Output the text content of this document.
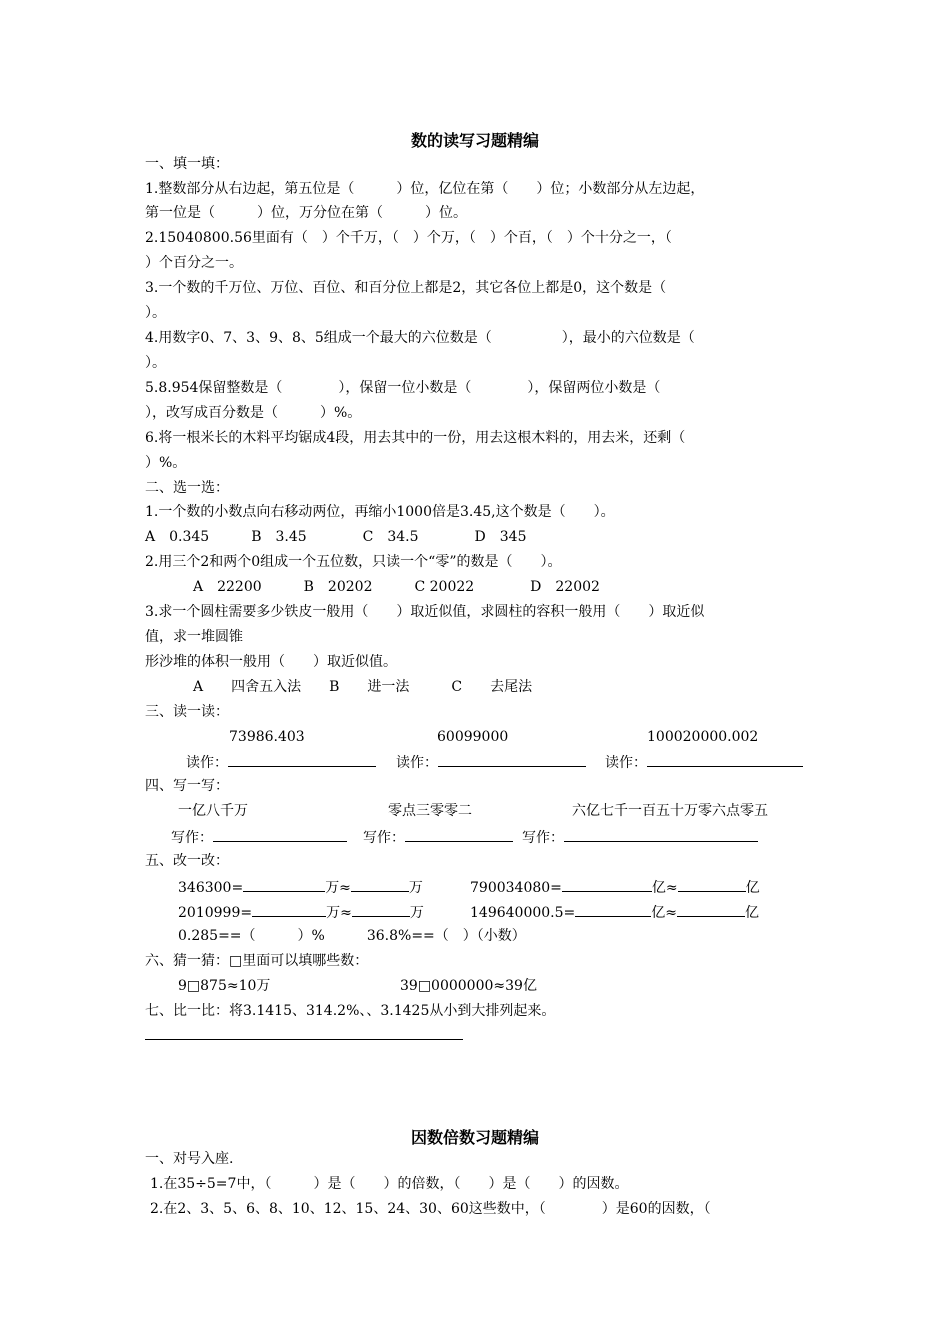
数的读写习题精编
一、填一填：
1.整数部分从右边起，第五位是（　　　）位，亿位在第（　　）位；小数部分从左边起，
第一位是（　　　）位，万分位在第（　　　）位。
2.15040800.56里面有（　）个千万，（　）个万，（　）个百，（　）个十分之一，（
）个百分之一。
3.一个数的千万位、万位、百位、和百分位上都是2，其它各位上都是0，这个数是（
）。
4.用数字0、7、3、9、8、5组成一个最大的六位数是（　　　　　），最小的六位数是（
）。
5.8.954保留整数是（　　　　），保留一位小数是（　　　　），保留两位小数是（
），改写成百分数是（　　　）%。
6.将一根米长的木料平均锯成4段，用去其中的一份，用去这根木料的，用去米，还剩（
）%。
二、选一选：
1.一个数的小数点向右移动两位，再缩小1000倍是3.45,这个数是（　　）。
A　0.345　　　B　3.45　　　　C　34.5　　　　D　345
2.用三个2和两个0组成一个五位数，只读一个“零”的数是（　　）。
A　22200　　　B　20202　　　C 20022　　　　D　22002
3.求一个圆柱需要多少铁皮一般用（　　）取近似值，求圆柱的容积一般用（　　）取近似
值，求一堆圆锥
形沙堆的体积一般用（　　）取近似值。
A　　四舍五入法　　B　　进一法　　　C　　去尾法
三、读一读：
73986.403	60099000	100020000.002
读作：	读作：	读作：
四、写一写：
一亿八千万	零点三零零二	六亿七千一百五十万零六点零五
写作：	写作：	写作：
五、改一改：
346300=	万≈	万	790034080=	亿≈	亿
2010999=	万≈	万	149640000.5=	亿≈	亿
0.285==（　　　）%　　　36.8%==（　）（小数）
六、猜一猜：□里面可以填哪些数：
9□875≈10万	39□0000000≈39亿
七、比一比：将3.1415、314.2%、、3.1425从小到大排列起来。
因数倍数习题精编
一、对号入座.
1.在35÷5=7中，（　　　）是（　　）的倍数，（　　）是（　　）的因数。
2.在2、3、5、6、8、10、12、15、24、30、60这些数中，（　　　　）是60的因数，（
